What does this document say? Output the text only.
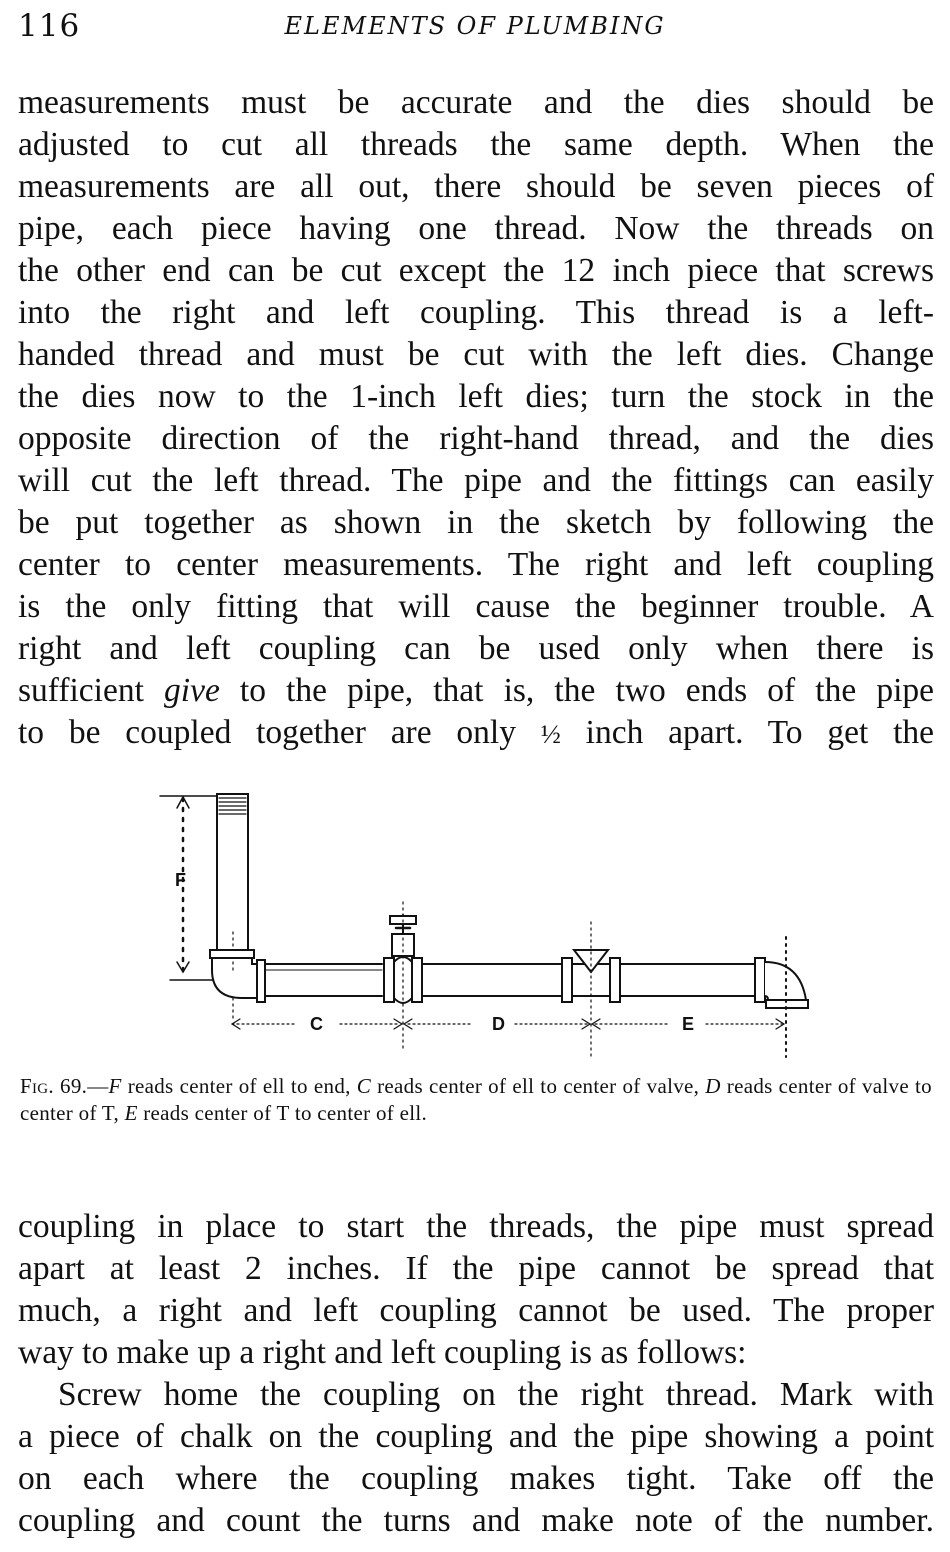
116	ELEMENTS OF PLUMBING

measurements must be accurate and the dies should be
adjusted to cut all threads the same depth. When the
measurements are all out, there should be seven pieces of
pipe, each piece having one thread. Now the threads on
the other end can be cut except the 12 inch piece that screws
into the right and left coupling. This thread is a left-
handed thread and must be cut with the left dies. Change
the dies now to the 1-inch left dies; turn the stock in the
opposite direction of the right-hand thread, and the dies
will cut the left thread. The pipe and the fittings can easily
be put together as shown in the sketch by following the
center to center measurements. The right and left coupling
is the only fitting that will cause the beginner trouble. A
right and left coupling can be used only when there is
sufficient give to the pipe, that is, the two ends of the pipe
to be coupled together are only ½ inch apart. To get the

F
C	D	E

Fig. 69.—F reads center of ell to end, C reads center of ell to center of valve, D reads center of valve to center of T, E reads center of T to center of ell.

coupling in place to start the threads, the pipe must spread
apart at least 2 inches. If the pipe cannot be spread that
much, a right and left coupling cannot be used. The proper
way to make up a right and left coupling is as follows:

Screw home the coupling on the right thread. Mark with
a piece of chalk on the coupling and the pipe showing a point
on each where the coupling makes tight. Take off the
coupling and count the turns and make note of the number.
